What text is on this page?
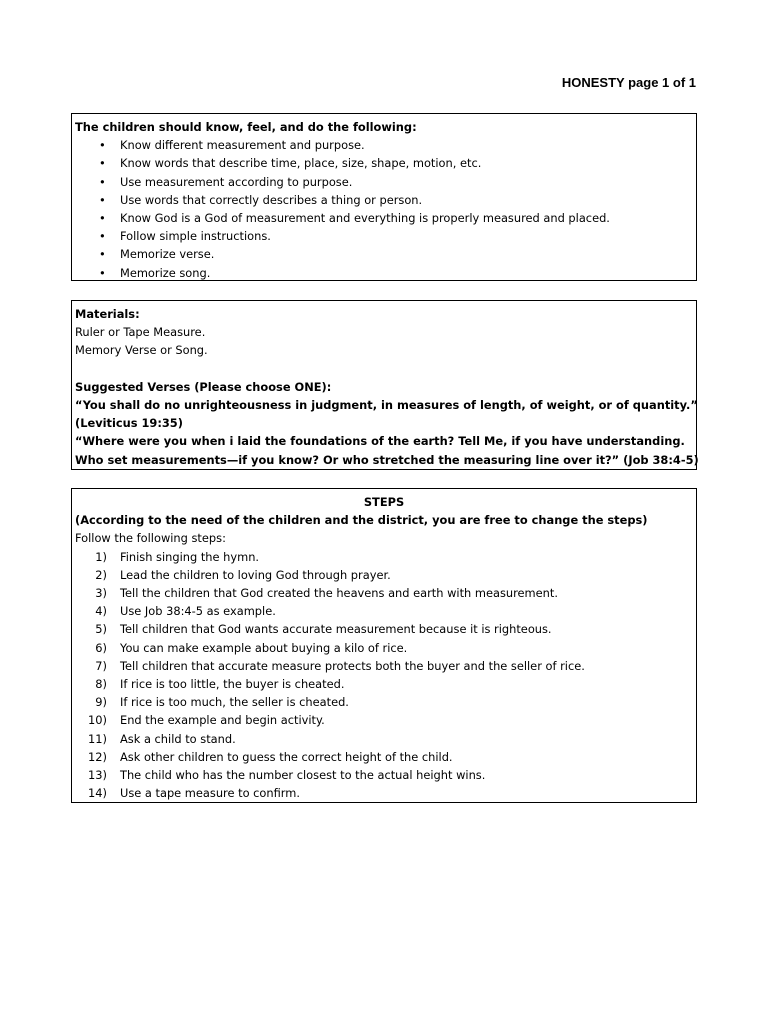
HONESTY page 1 of 1
The children should know, feel, and do the following:
• Know different measurement and purpose.
• Know words that describe time, place, size, shape, motion, etc.
• Use measurement according to purpose.
• Use words that correctly describes a thing or person.
• Know God is a God of measurement and everything is properly measured and placed.
• Follow simple instructions.
• Memorize verse.
• Memorize song.
Materials:
Ruler or Tape Measure.
Memory Verse or Song.
Suggested Verses (Please choose ONE):
“You shall do no unrighteousness in judgment, in measures of length, of weight, or of quantity.”
(Leviticus 19:35)
“Where were you when i laid the foundations of the earth? Tell Me, if you have understanding.
Who set measurements—if you know? Or who stretched the measuring line over it?” (Job 38:4-5)
STEPS
(According to the need of the children and the district, you are free to change the steps)
Follow the following steps:
1) Finish singing the hymn.
2) Lead the children to loving God through prayer.
3) Tell the children that God created the heavens and earth with measurement.
4) Use Job 38:4-5 as example.
5) Tell children that God wants accurate measurement because it is righteous.
6) You can make example about buying a kilo of rice.
7) Tell children that accurate measure protects both the buyer and the seller of rice.
8) If rice is too little, the buyer is cheated.
9) If rice is too much, the seller is cheated.
10) End the example and begin activity.
11) Ask a child to stand.
12) Ask other children to guess the correct height of the child.
13) The child who has the number closest to the actual height wins.
14) Use a tape measure to confirm.
